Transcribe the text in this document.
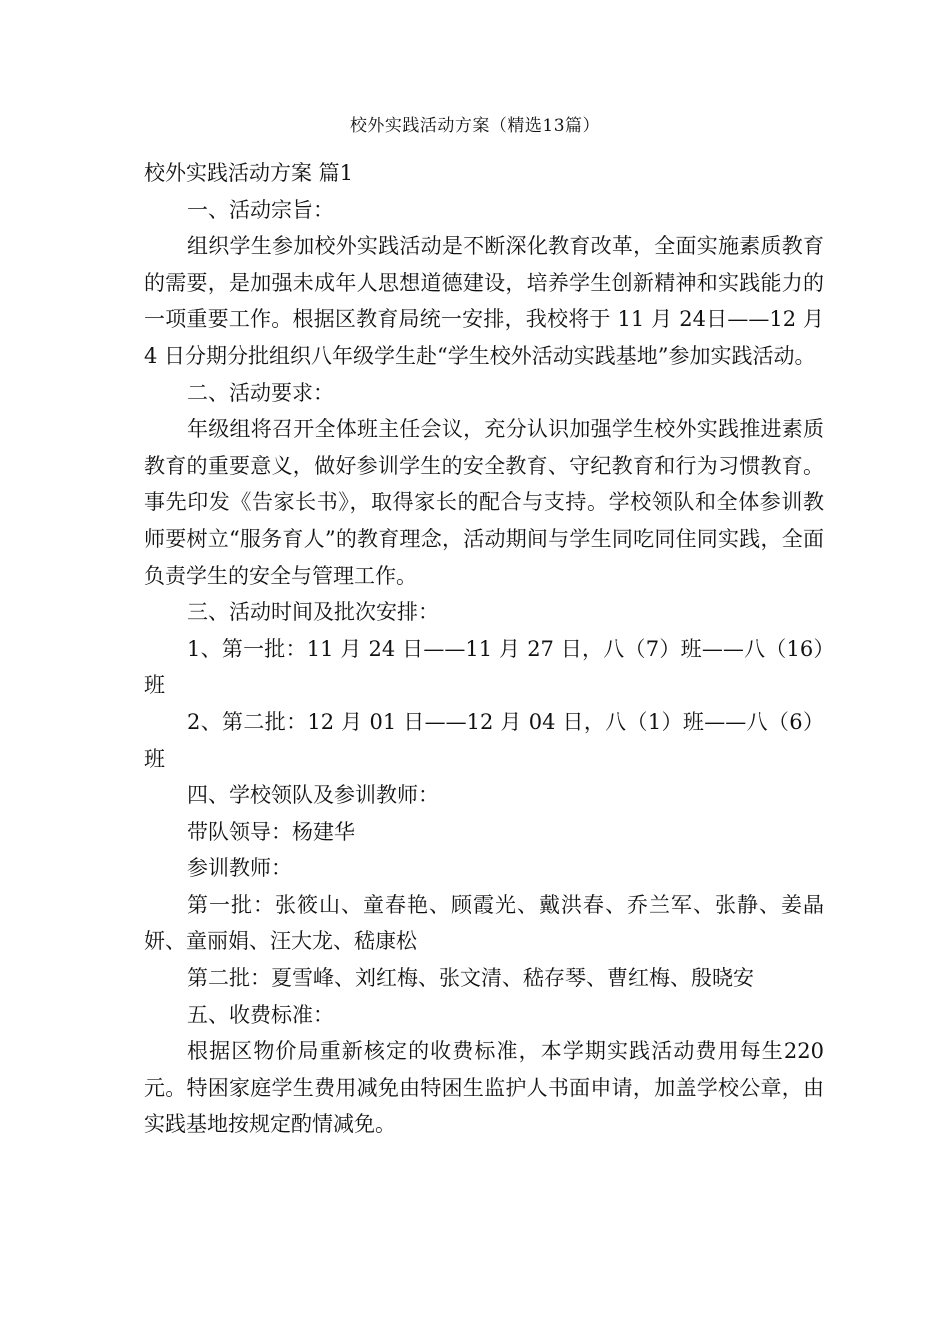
校外实践活动方案（精选13篇）

校外实践活动方案 篇1

一、活动宗旨：

组织学生参加校外实践活动是不断深化教育改革，全面实施素质教育的需要，是加强未成年人思想道德建设，培养学生创新精神和实践能力的一项重要工作。根据区教育局统一安排，我校将于 11 月 24日——12 月 4 日分期分批组织八年级学生赴“学生校外活动实践基地”参加实践活动。

二、活动要求：

年级组将召开全体班主任会议，充分认识加强学生校外实践推进素质教育的重要意义，做好参训学生的安全教育、守纪教育和行为习惯教育。事先印发《告家长书》，取得家长的配合与支持。学校领队和全体参训教师要树立“服务育人”的教育理念，活动期间与学生同吃同住同实践，全面负责学生的安全与管理工作。

三、活动时间及批次安排：

1、第一批：11 月 24 日——11 月 27 日，八（7）班——八（16）班

2、第二批：12 月 01 日——12 月 04 日，八（1）班——八（6）班

四、学校领队及参训教师：

带队领导：杨建华

参训教师：

第一批：张筱山、童春艳、顾霞光、戴洪春、乔兰军、张静、姜晶妍、童丽娟、汪大龙、嵇康松

第二批：夏雪峰、刘红梅、张文清、嵇存琴、曹红梅、殷晓安

五、收费标准：

根据区物价局重新核定的收费标准，本学期实践活动费用每生220 元。特困家庭学生费用减免由特困生监护人书面申请，加盖学校公章，由实践基地按规定酌情减免。
